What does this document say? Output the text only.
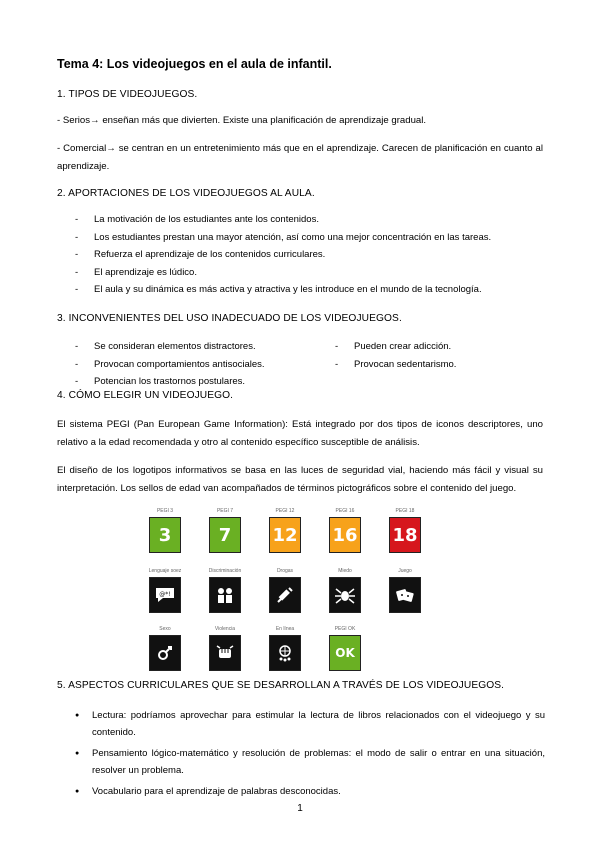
Tema 4: Los videojuegos en el aula de infantil.
1. TIPOS DE VIDEOJUEGOS.
- Serios→ enseñan más que divierten. Existe una planificación de aprendizaje gradual.
- Comercial→ se centran en un entretenimiento más que en el aprendizaje. Carecen de planificación en cuanto al aprendizaje.
2. APORTACIONES DE LOS VIDEOJUEGOS AL AULA.
- La motivación de los estudiantes ante los contenidos.
- Los estudiantes prestan una mayor atención, así como una mejor concentración en las tareas.
- Refuerza el aprendizaje de los contenidos curriculares.
- El aprendizaje es lúdico.
- El aula y su dinámica es más activa y atractiva y les introduce en el mundo de la tecnología.
3. INCONVENIENTES DEL USO INADECUADO DE LOS VIDEOJUEGOS.
- Se consideran elementos distractores.
- Provocan comportamientos antisociales.
- Potencian los trastornos postulares.
- Pueden crear adicción.
- Provocan sedentarismo.
4. CÓMO ELEGIR UN VIDEOJUEGO.
El sistema PEGI (Pan European Game Information): Está integrado por dos tipos de iconos descriptores, uno relativo a la edad recomendada y otro al contenido específico susceptible de análisis.
El diseño de los logotipos informativos se basa en las luces de seguridad vial, haciendo más fácil y visual su interpretación. Los sellos de edad van acompañados de términos pictográficos sobre el contenido del juego.
PEGI 3
3
PEGI 7
7
PEGI 12
12
PEGI 16
16
PEGI 18
18
Lenguaje soez
@*!
Discriminación	Drogas	Miedo	Juego
Sexo	Violencia	En línea	PEGI OK
OK
5. ASPECTOS CURRICULARES QUE SE DESARROLLAN A TRAVÉS DE LOS VIDEOJUEGOS.
● Lectura: podríamos aprovechar para estimular la lectura de libros relacionados con el videojuego y su contenido.
● Pensamiento lógico-matemático y resolución de problemas: el modo de salir o entrar en una situación, resolver un problema.
● Vocabulario para el aprendizaje de palabras desconocidas.
1
